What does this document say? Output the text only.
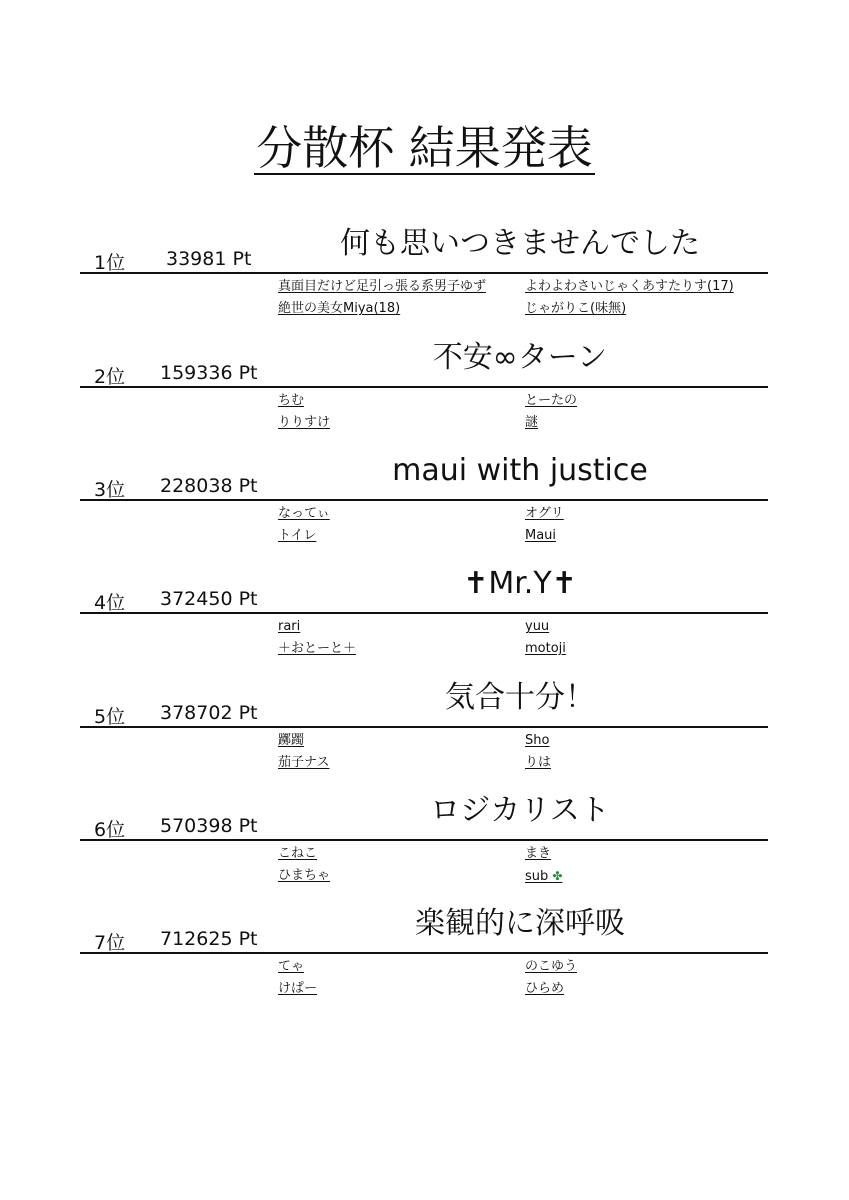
分散杯 結果発表
1位 33981 Pt	何も思いつきませんでした
真面目だけど足引っ張る系男子ゆず	よわよわさいじゃくあすたりす(17)
絶世の美女Miya(18)	じゃがりこ(味無)
2位 159336 Pt	不安∞ターン
ちむ	とーたの
りりすけ	謎
3位 228038 Pt	maui with justice
なってぃ	オグリ
トイレ	Maui
4位 372450 Pt	✝Mr.Y✝
rari	yuu
＋おとーと＋	motoji
5位 378702 Pt	気合十分！
躑躅	Sho
茄子ナス	りは
6位 570398 Pt	ロジカリスト
こねこ	まき
ひまちゃ	sub ✤
7位 712625 Pt	楽観的に深呼吸
てゃ	のこゆう
けぱー	ひらめ
